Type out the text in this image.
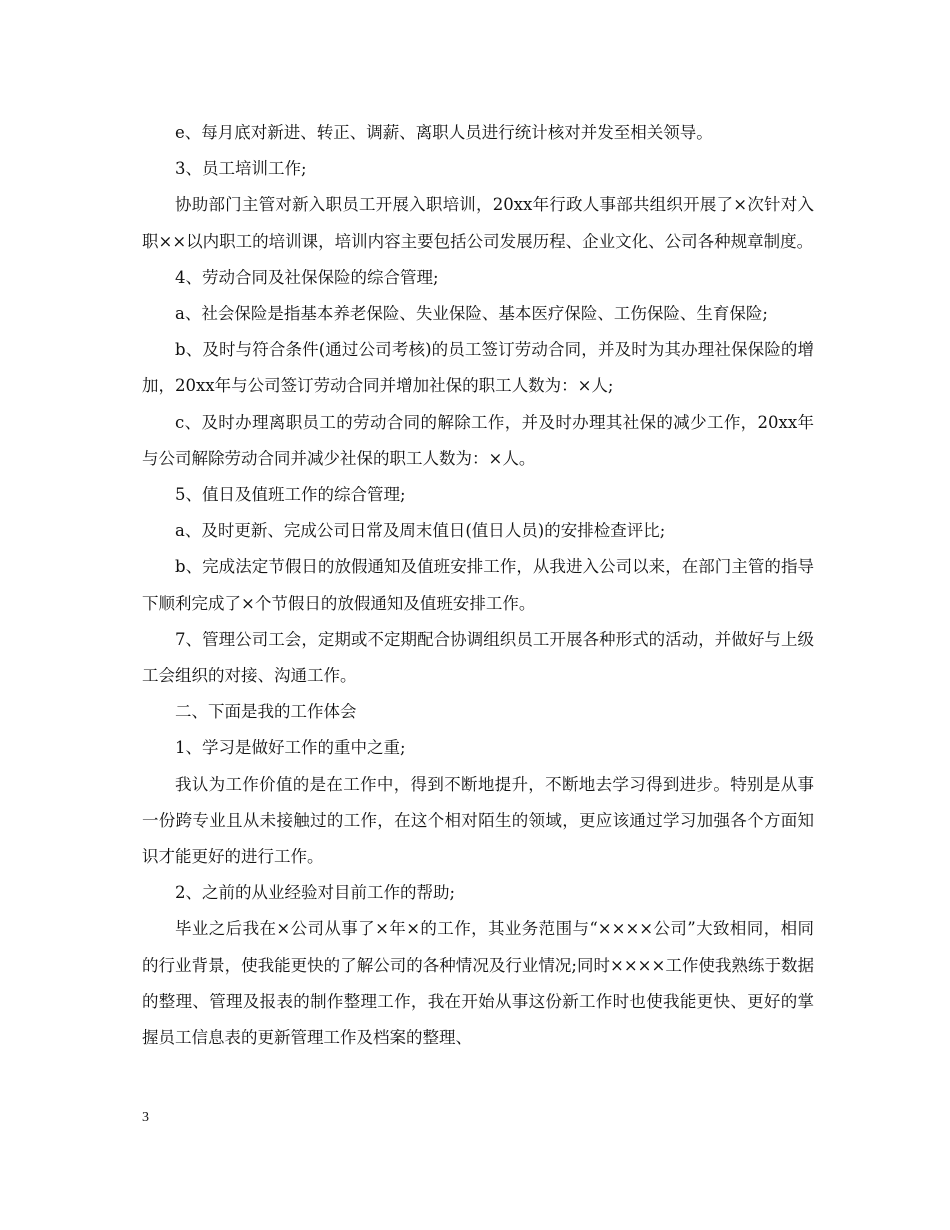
e、每月底对新进、转正、调薪、离职人员进行统计核对并发至相关领导。

3、员工培训工作;

协助部门主管对新入职员工开展入职培训，20xx年行政人事部共组织开展了×次针对入职××以内职工的培训课，培训内容主要包括公司发展历程、企业文化、公司各种规章制度。

4、劳动合同及社保保险的综合管理;

a、社会保险是指基本养老保险、失业保险、基本医疗保险、工伤保险、生育保险;

b、及时与符合条件(通过公司考核)的员工签订劳动合同，并及时为其办理社保保险的增加，20xx年与公司签订劳动合同并增加社保的职工人数为：×人;

c、及时办理离职员工的劳动合同的解除工作，并及时办理其社保的减少工作，20xx年与公司解除劳动合同并减少社保的职工人数为：×人。

5、值日及值班工作的综合管理;

a、及时更新、完成公司日常及周末值日(值日人员)的安排检查评比;

b、完成法定节假日的放假通知及值班安排工作，从我进入公司以来，在部门主管的指导下顺利完成了×个节假日的放假通知及值班安排工作。

7、管理公司工会，定期或不定期配合协调组织员工开展各种形式的活动，并做好与上级工会组织的对接、沟通工作。

二、下面是我的工作体会

1、学习是做好工作的重中之重;

我认为工作价值的是在工作中，得到不断地提升，不断地去学习得到进步。特别是从事一份跨专业且从未接触过的工作，在这个相对陌生的领域，更应该通过学习加强各个方面知识才能更好的进行工作。

2、之前的从业经验对目前工作的帮助;

毕业之后我在×公司从事了×年×的工作，其业务范围与“××××公司”大致相同，相同的行业背景，使我能更快的了解公司的各种情况及行业情况;同时××××工作使我熟练于数据的整理、管理及报表的制作整理工作，我在开始从事这份新工作时也使我能更快、更好的掌握员工信息表的更新管理工作及档案的整理、

3
